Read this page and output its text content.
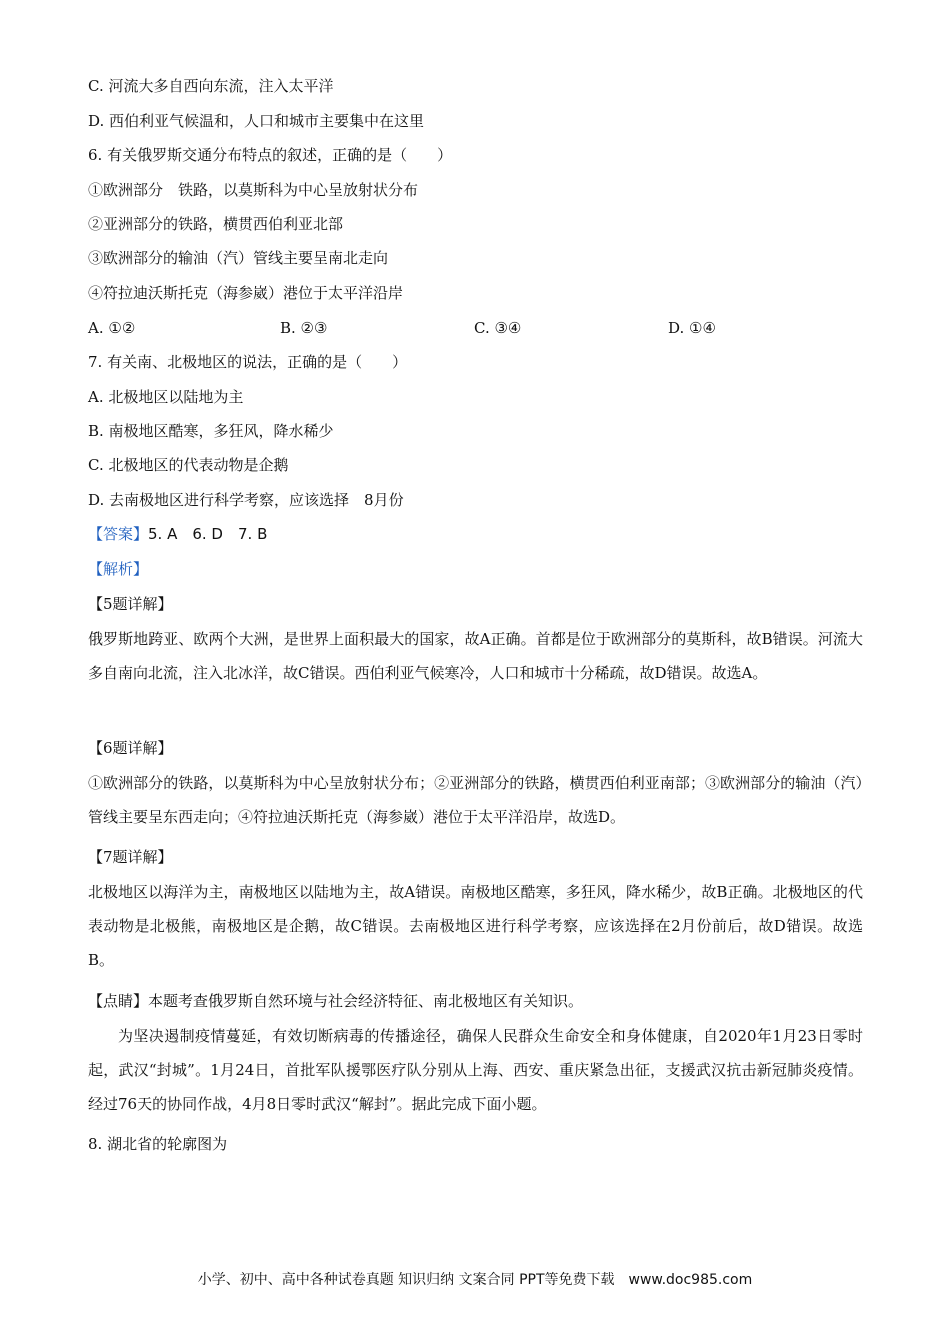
C. 河流大多自西向东流，注入太平洋
D. 西伯利亚气候温和，人口和城市主要集中在这里
6. 有关俄罗斯交通分布特点的叙述，正确的是（　　）
①欧洲部分　铁路，以莫斯科为中心呈放射状分布
②亚洲部分的铁路，横贯西伯利亚北部
③欧洲部分的输油（汽）管线主要呈南北走向
④符拉迪沃斯托克（海参崴）港位于太平洋沿岸
A. ①②	B. ②③	C. ③④	D. ①④
7. 有关南、北极地区的说法，正确的是（　　）
A. 北极地区以陆地为主
B. 南极地区酷寒，多狂风，降水稀少
C. 北极地区的代表动物是企鹅
D. 去南极地区进行科学考察，应该选择　8月份
【答案】5. A　6. D　7. B
【解析】
【5题详解】
俄罗斯地跨亚、欧两个大洲，是世界上面积最大的国家，故A正确。首都是位于欧洲部分的莫斯科，故B错误。河流大多自南向北流，注入北冰洋，故C错误。西伯利亚气候寒冷，人口和城市十分稀疏，故D错误。故选A。
【6题详解】
①欧洲部分的铁路，以莫斯科为中心呈放射状分布；②亚洲部分的铁路，横贯西伯利亚南部；③欧洲部分的输油（汽）管线主要呈东西走向；④符拉迪沃斯托克（海参崴）港位于太平洋沿岸，故选D。
【7题详解】
北极地区以海洋为主，南极地区以陆地为主，故A错误。南极地区酷寒，多狂风，降水稀少，故B正确。北极地区的代表动物是北极熊，南极地区是企鹅，故C错误。去南极地区进行科学考察，应该选择在2月份前后，故D错误。故选B。
【点睛】本题考查俄罗斯自然环境与社会经济特征、南北极地区有关知识。
为坚决遏制疫情蔓延，有效切断病毒的传播途径，确保人民群众生命安全和身体健康，自2020年1月23日零时起，武汉“封城”。1月24日，首批军队援鄂医疗队分别从上海、西安、重庆紧急出征，支援武汉抗击新冠肺炎疫情。经过76天的协同作战，4月8日零时武汉“解封”。据此完成下面小题。
8. 湖北省的轮廓图为
小学、初中、高中各种试卷真题 知识归纳 文案合同 PPT等免费下载　www.doc985.com
